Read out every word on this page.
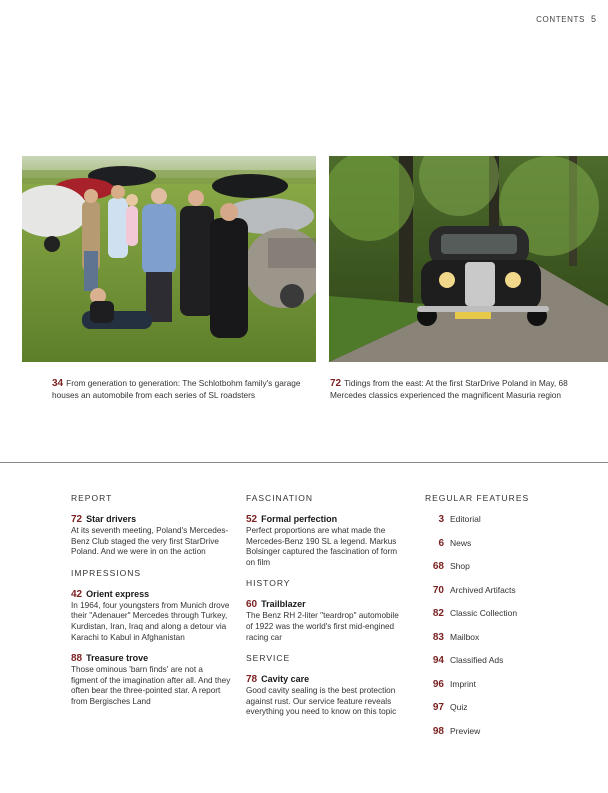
CONTENTS 5
34 From generation to generation: The Schlotbohm family's garage houses an automobile from each series of SL roadsters
72 Tidings from the east: At the first StarDrive Poland in May, 68 Mercedes classics experienced the magnificent Masuria region
REPORT
72 Star drivers
At its seventh meeting, Poland's Mercedes-Benz Club staged the very first StarDrive Poland. And we were in on the action
IMPRESSIONS
42 Orient express
In 1964, four youngsters from Munich drove their "Adenauer" Mercedes through Turkey, Kurdistan, Iran, Iraq and along a detour via Karachi to Kabul in Afghanistan
88 Treasure trove
Those ominous 'barn finds' are not a figment of the imagination after all. And they often bear the three-pointed star. A report from Bergisches Land
FASCINATION
52 Formal perfection
Perfect proportions are what made the Mercedes-Benz 190 SL a legend. Markus Bolsinger captured the fascination of form on film
HISTORY
60 Trailblazer
The Benz RH 2-liter "teardrop" automobile of 1922 was the world's first mid-engined racing car
SERVICE
78 Cavity care
Good cavity sealing is the best protection against rust. Our service feature reveals everything you need to know on this topic
REGULAR FEATURES
3 Editorial
6 News
68 Shop
70 Archived Artifacts
82 Classic Collection
83 Mailbox
94 Classified Ads
96 Imprint
97 Quiz
98 Preview
